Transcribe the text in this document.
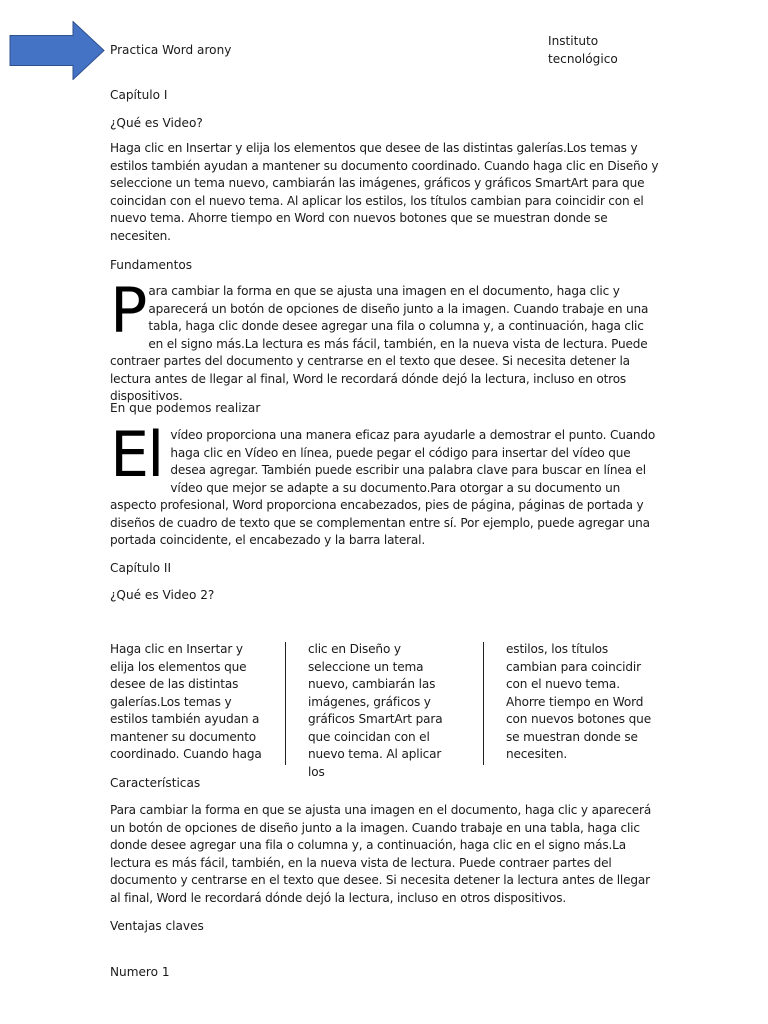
Practica Word arony
Instituto tecnológico
Capítulo I
¿Qué es Video?
Haga clic en Insertar y elija los elementos que desee de las distintas galerías.Los temas y estilos también ayudan a mantener su documento coordinado. Cuando haga clic en Diseño y seleccione un tema nuevo, cambiarán las imágenes, gráficos y gráficos SmartArt para que coincidan con el nuevo tema. Al aplicar los estilos, los títulos cambian para coincidir con el nuevo tema. Ahorre tiempo en Word con nuevos botones que se muestran donde se necesiten.
Fundamentos
Para cambiar la forma en que se ajusta una imagen en el documento, haga clic y aparecerá un botón de opciones de diseño junto a la imagen. Cuando trabaje en una tabla, haga clic donde desee agregar una fila o columna y, a continuación, haga clic en el signo más.La lectura es más fácil, también, en la nueva vista de lectura. Puede contraer partes del documento y centrarse en el texto que desee. Si necesita detener la lectura antes de llegar al final, Word le recordará dónde dejó la lectura, incluso en otros dispositivos.
En que podemos realizar
El vídeo proporciona una manera eficaz para ayudarle a demostrar el punto. Cuando haga clic en Vídeo en línea, puede pegar el código para insertar del vídeo que desea agregar. También puede escribir una palabra clave para buscar en línea el vídeo que mejor se adapte a su documento.Para otorgar a su documento un aspecto profesional, Word proporciona encabezados, pies de página, páginas de portada y diseños de cuadro de texto que se complementan entre sí. Por ejemplo, puede agregar una portada coincidente, el encabezado y la barra lateral.
Capítulo II
¿Qué es Video 2?
Haga clic en Insertar y elija los elementos que desee de las distintas galerías.Los temas y estilos también ayudan a mantener su documento coordinado. Cuando haga
clic en Diseño y seleccione un tema nuevo, cambiarán las imágenes, gráficos y gráficos SmartArt para que coincidan con el nuevo tema. Al aplicar los
estilos, los títulos cambian para coincidir con el nuevo tema. Ahorre tiempo en Word con nuevos botones que se muestran donde se necesiten.
Características
Para cambiar la forma en que se ajusta una imagen en el documento, haga clic y aparecerá un botón de opciones de diseño junto a la imagen. Cuando trabaje en una tabla, haga clic donde desee agregar una fila o columna y, a continuación, haga clic en el signo más.La lectura es más fácil, también, en la nueva vista de lectura. Puede contraer partes del documento y centrarse en el texto que desee. Si necesita detener la lectura antes de llegar al final, Word le recordará dónde dejó la lectura, incluso en otros dispositivos.
Ventajas claves
Numero 1
